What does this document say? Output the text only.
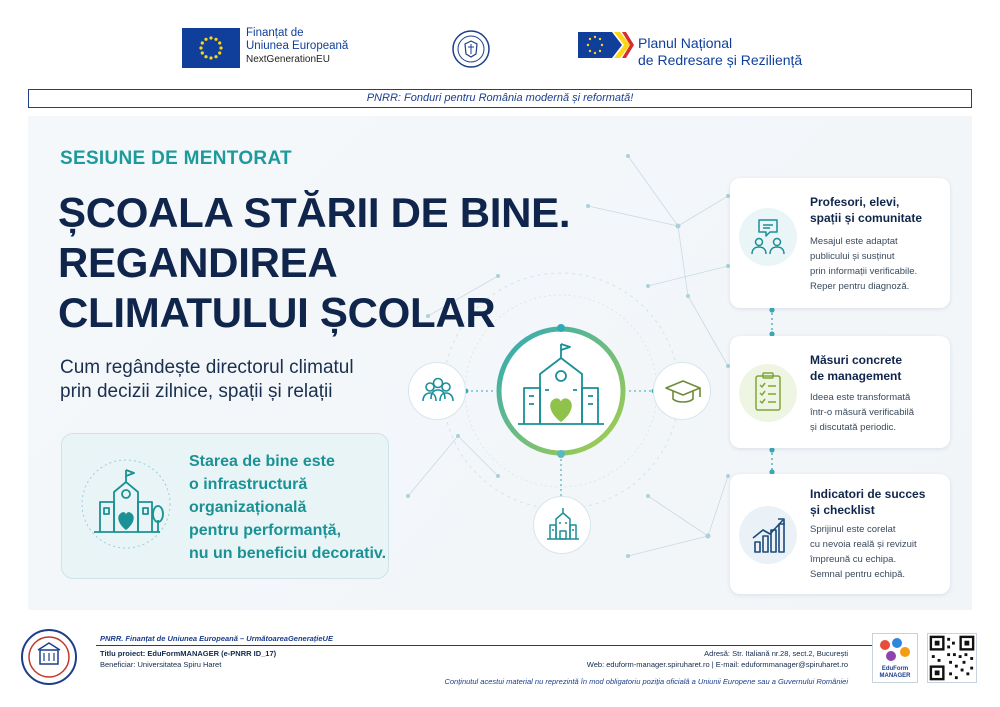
Finanțat de
Uniunea Europeană
NextGenerationEU
Planul Național
de Redresare și Reziliență
PNRR: Fonduri pentru România modernă și reformată!
SESIUNE DE MENTORAT
ȘCOALA STĂRII DE BINE.
REGANDIREA
CLIMATULUI ȘCOLAR
Cum regândește directorul climatul
prin decizii zilnice, spații și relații
Starea de bine este
o infrastructură
organizațională
pentru performanță,
nu un beneficiu decorativ.
Profesori, elevi,
spații și comunitate

Mesajul este adaptat
publicului și susținut
prin informații verificabile.
Reper pentru diagnoză.

Măsuri concrete
de management

Ideea este transformată
într-o măsură verificabilă
și discutată periodic.

Indicatori de succes
și checklist

Sprijinul este corelat
cu nevoia reală și revizuit
împreună cu echipa.
Semnal pentru echipă.

PNRR. Finanțat de Uniunea Europeană – UrmătoareaGenerațieUE
Titlu proiect: EduFormMANAGER (e-PNRR ID_17)
Beneficiar: Universitatea Spiru Haret
Adresă: Str. Italiană nr.28, sect.2, București
Web: eduform-manager.spiruharet.ro | E-mail: eduformmanager@spiruharet.ro
Conținutul acestui material nu reprezintă în mod obligatoriu poziția oficială a Uniunii Europene sau a Guvernului României
EduForm
MANAGER
